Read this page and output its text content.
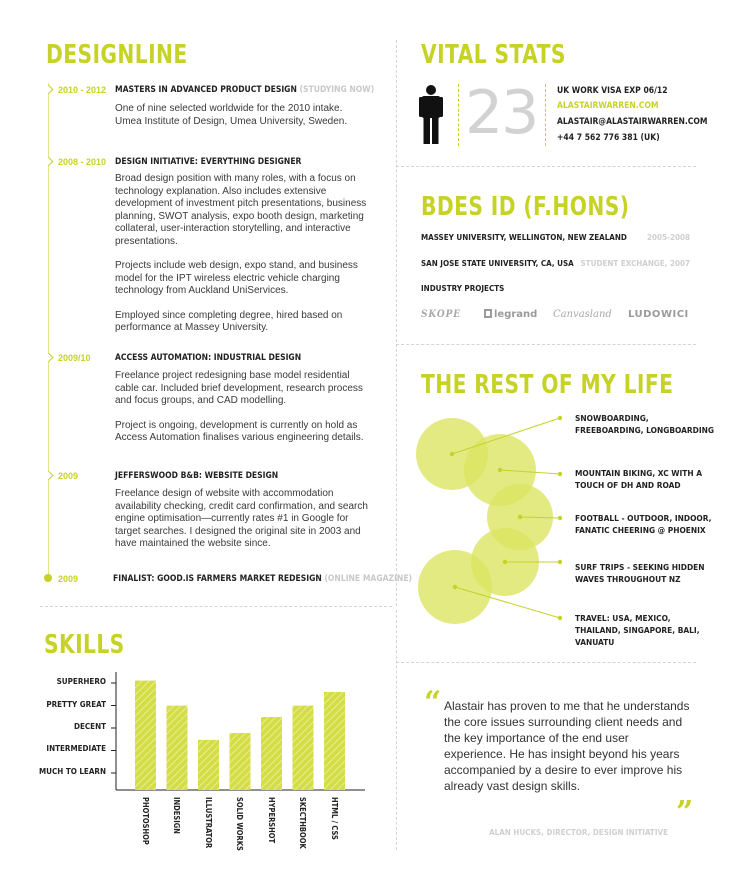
DESIGNLINE
2010 - 2012 MASTERS IN ADVANCED PRODUCT DESIGN (STUDYING NOW)

One of nine selected worldwide for the 2010 intake. Umea Institute of Design, Umea University, Sweden.

2008 - 2010 DESIGN INITIATIVE: EVERYTHING DESIGNER

Broad design position with many roles, with a focus on technology explanation. Also includes extensive development of investment pitch presentations, business planning, SWOT analysis, expo booth design, marketing collateral, user-interaction storytelling, and interactive presentations.

Projects include web design, expo stand, and business model for the IPT wireless electric vehicle charging technology from Auckland UniServices.

Employed since completing degree, hired based on performance at Massey University.

2009/10	ACCESS AUTOMATION: INDUSTRIAL DESIGN

Freelance project redesigning base model residential cable car. Included brief development, research process and focus groups, and CAD modelling.

Project is ongoing, development is currently on hold as Access Automation finalises various engineering details.

2009	JEFFERSWOOD B&B: WEBSITE DESIGN

Freelance design of website with accommodation availability checking, credit card confirmation, and search engine optimisation—currently rates #1 in Google for target searches. I designed the original site in 2003 and have maintained the website since.

2009	FINALIST: GOOD.IS FARMERS MARKET REDESIGN (ONLINE MAGAZINE)
VITAL STATS
23 UK WORK VISA EXP 06/12
ALASTAIRWARREN.COM
ALASTAIR@ALASTAIRWARREN.COM
+44 7 562 776 381 (UK)
BDES ID (F.HONS)
MASSEY UNIVERSITY, WELLINGTON, NEW ZEALAND	2005-2008
SAN JOSE STATE UNIVERSITY, CA, USA STUDENT EXCHANGE, 2007
INDUSTRY PROJECTS
SKOPE	legrand Canvasland LUDOWICI
THE REST OF MY LIFE
SNOWBOARDING, FREEBOARDING, LONGBOARDING
MOUNTAIN BIKING, XC WITH A TOUCH OF DH AND ROAD
FOOTBALL - OUTDOOR, INDOOR, FANATIC CHEERING @ PHOENIX
SURF TRIPS - SEEKING HIDDEN WAVES THROUGHOUT NZ
TRAVEL: USA, MEXICO, THAILAND, SINGAPORE, BALI, VANUATU
SKILLS
SUPERHERO
PRETTY GREAT
DECENT
INTERMEDIATE
MUCH TO LEARN
PHOTOSHOP	INDESIGN	ILLUSTRATOR	SOLID WORKS	HYPERSHOT	SKECTHBOOK	HTML / CSS
“ Alastair has proven to me that he understands the core issues surrounding client needs and the key importance of the end user experience. He has insight beyond his years accompanied by a desire to ever improve his already vast design skills.
”
ALAN HUCKS, DIRECTOR, DESIGN INITIATIVE
